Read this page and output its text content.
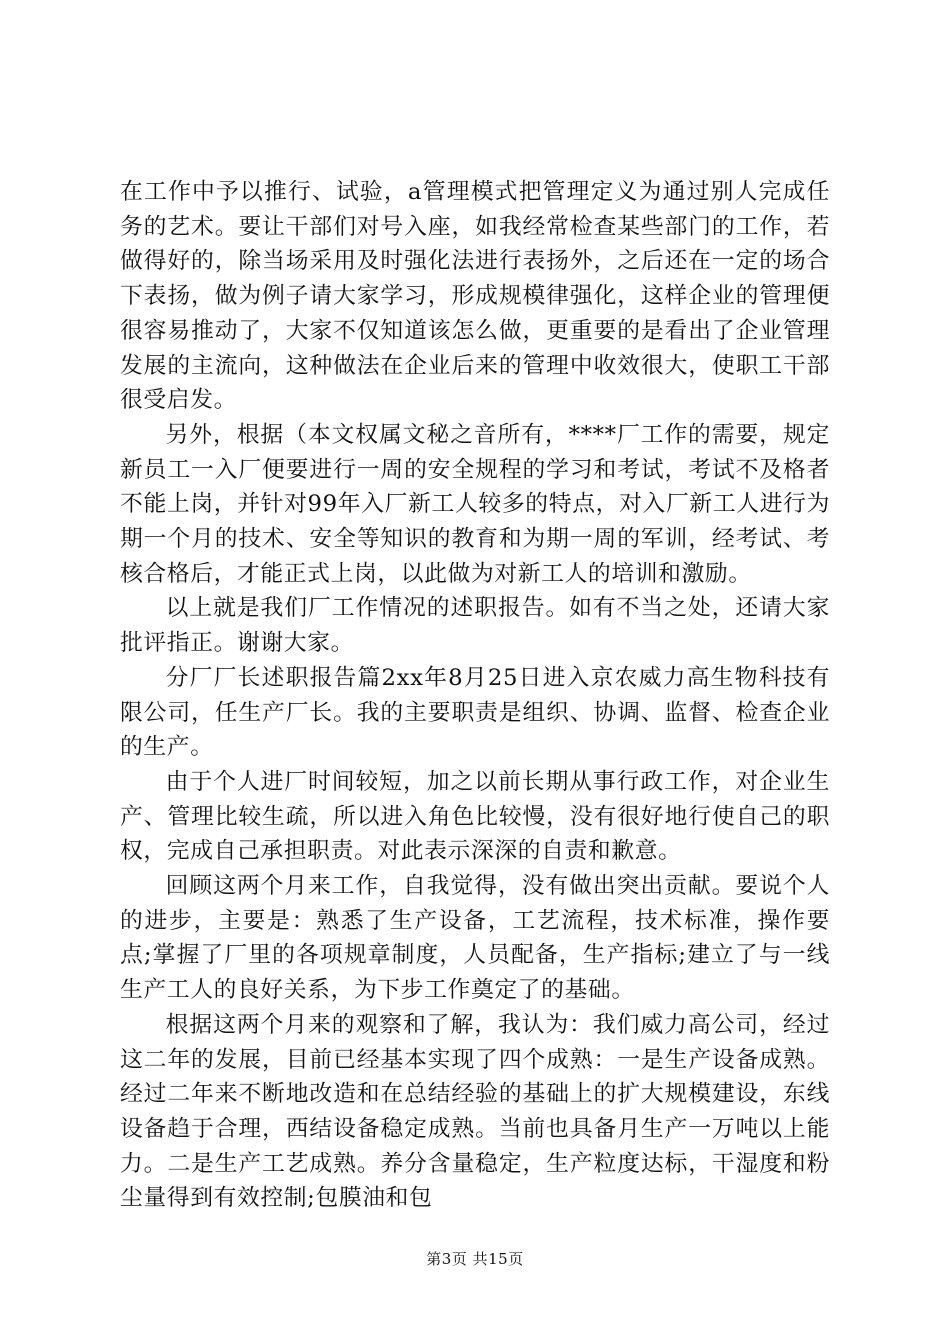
在工作中予以推行、试验，a管理模式把管理定义为通过别人完成任务的艺术。要让干部们对号入座，如我经常检查某些部门的工作，若做得好的，除当场采用及时强化法进行表扬外，之后还在一定的场合下表扬，做为例子请大家学习，形成规模律强化，这样企业的管理便很容易推动了，大家不仅知道该怎么做，更重要的是看出了企业管理发展的主流向，这种做法在企业后来的管理中收效很大，使职工干部很受启发。

另外，根据（本文权属文秘之音所有，****厂工作的需要，规定新员工一入厂便要进行一周的安全规程的学习和考试，考试不及格者不能上岗，并针对99年入厂新工人较多的特点，对入厂新工人进行为期一个月的技术、安全等知识的教育和为期一周的军训，经考试、考核合格后，才能正式上岗，以此做为对新工人的培训和激励。

以上就是我们厂工作情况的述职报告。如有不当之处，还请大家批评指正。谢谢大家。

分厂厂长述职报告篇2xx年8月25日进入京农威力高生物科技有限公司，任生产厂长。我的主要职责是组织、协调、监督、检查企业的生产。

由于个人进厂时间较短，加之以前长期从事行政工作，对企业生产、管理比较生疏，所以进入角色比较慢，没有很好地行使自己的职权，完成自己承担职责。对此表示深深的自责和歉意。

回顾这两个月来工作，自我觉得，没有做出突出贡献。要说个人的进步，主要是：熟悉了生产设备，工艺流程，技术标准，操作要点;掌握了厂里的各项规章制度，人员配备，生产指标;建立了与一线生产工人的良好关系，为下步工作奠定了的基础。

根据这两个月来的观察和了解，我认为：我们威力高公司，经过这二年的发展，目前已经基本实现了四个成熟：一是生产设备成熟。经过二年来不断地改造和在总结经验的基础上的扩大规模建设，东线设备趋于合理，西结设备稳定成熟。当前也具备月生产一万吨以上能力。二是生产工艺成熟。养分含量稳定，生产粒度达标，干湿度和粉尘量得到有效控制;包膜油和包

第3页 共15页
